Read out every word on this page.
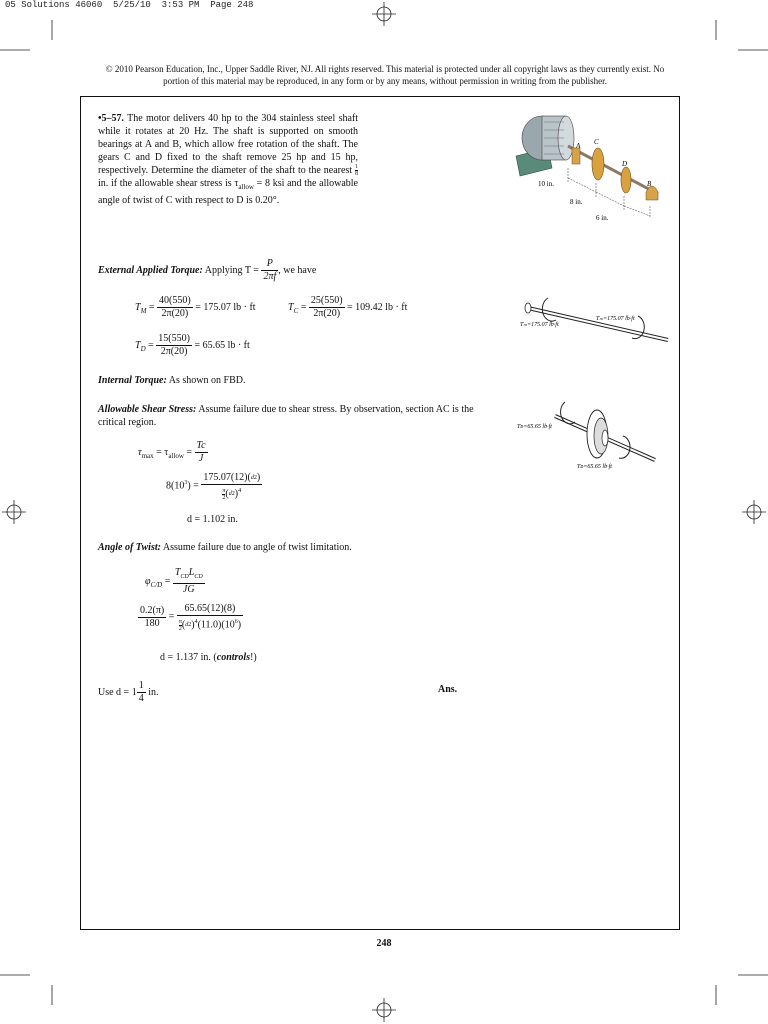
05 Solutions 46060  5/25/10  3:53 PM  Page 248
© 2010 Pearson Education, Inc., Upper Saddle River, NJ. All rights reserved. This material is protected under all copyright laws as they currently exist. No portion of this material may be reproduced, in any form or by any means, without permission in writing from the publisher.
•5–57. The motor delivers 40 hp to the 304 stainless steel shaft while it rotates at 20 Hz. The shaft is supported on smooth bearings at A and B, which allow free rotation of the shaft. The gears C and D fixed to the shaft remove 25 hp and 15 hp, respectively. Determine the diameter of the shaft to the nearest $\frac{1}{8}$ in. if the allowable shear stress is $\tau_{allow} = 8$ ksi and the allowable angle of twist of C with respect to D is 0.20°.
A C
D
B
10 in.
8 in.
6 in.
External Applied Torque: Applying $T = \frac{P}{2\pi f}$ , we have
$T_M = \frac{40(550)}{2\pi(20)} = 175.07$ lb · ft	$T_C = \frac{25(550)}{2\pi(20)} = 109.42$ lb · ft
$T_D = \frac{15(550)}{2\pi(20)} = 65.65$ lb · ft
Tₘ=175.07 lb·ft
Tₘ=175.07 lb·ft
Internal Torque: As shown on FBD.
Allowable Shear Stress: Assume failure due to shear stress. By observation, section AC is the critical region.
$\tau_{max} = \tau_{allow} = \frac{Tc}{J}$
$8(10^3) = \frac{175.07(12)(d2)}{\frac{\pi}{2}(d2)^4}$
d = 1.102 in.
Tᴅ=65.65 lb·ft
Tᴅ=65.65 lb·ft
Angle of Twist: Assume failure due to angle of twist limitation.
$\varphi_{C/D} = \frac{T_{CD}L_{CD}}{JG}$
$\frac{0.2(\pi)}{180} = \frac{65.65(12)(8)}{\frac{\pi}{2}(d2)^4(11.0)(10^6)}$
d = 1.137 in. (controls!)
Use $d = 1 \frac{1}{4}$ in.	Ans.
248
